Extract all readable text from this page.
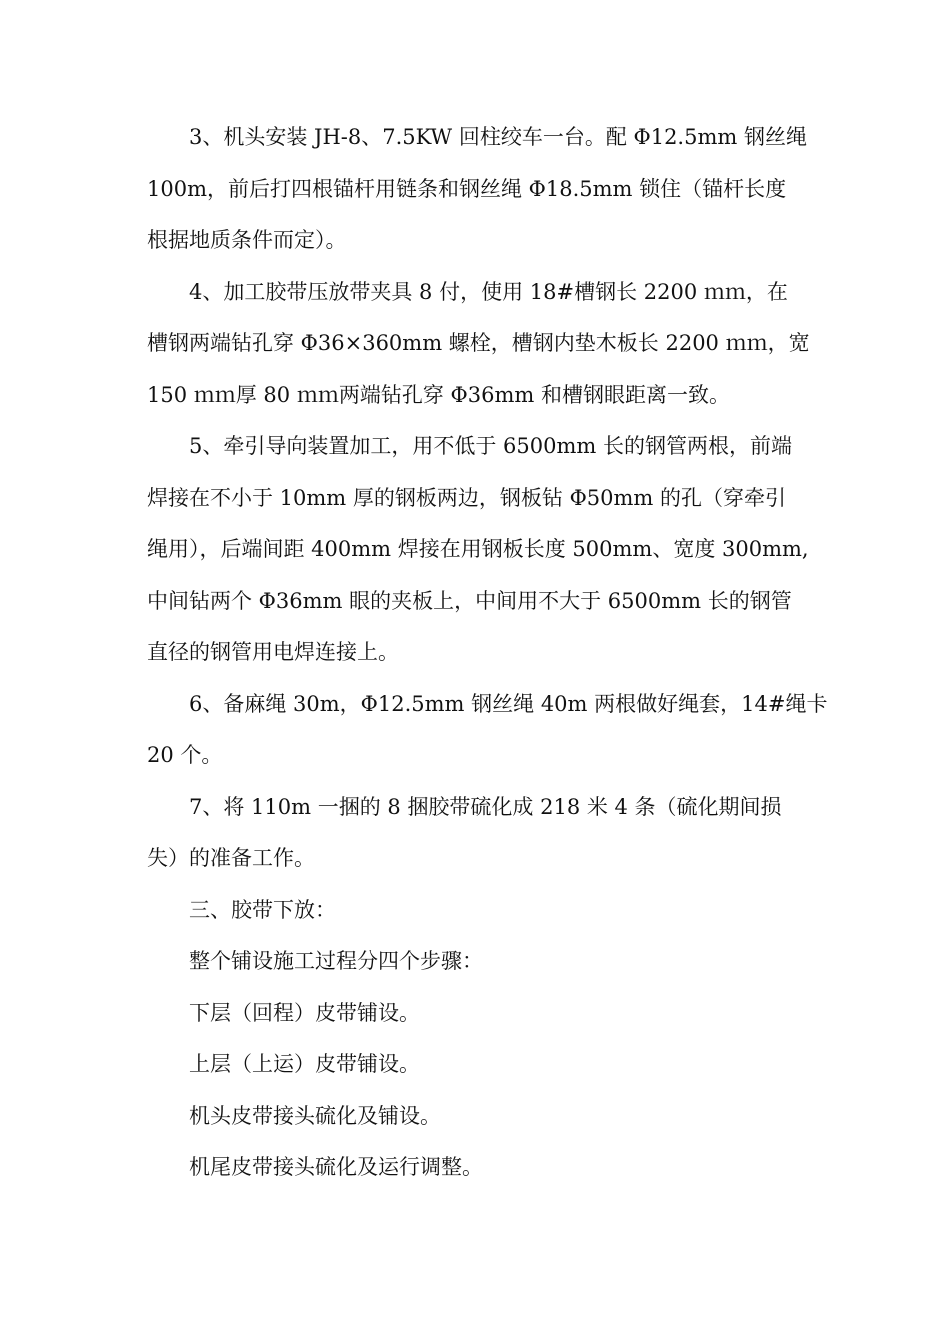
3、机头安装 JH-8、7.5KW 回柱绞车一台。配 Φ12.5mm 钢丝绳
100m，前后打四根锚杆用链条和钢丝绳 Φ18.5mm 锁住（锚杆长度
根据地质条件而定）。
4、加工胶带压放带夹具 8 付，使用 18#槽钢长 2200 ｍｍ，在
槽钢两端钻孔穿 Φ36×360mm 螺栓，槽钢内垫木板长 2200 ｍｍ，宽
150 ｍｍ厚 80 ｍｍ两端钻孔穿 Φ36mm 和槽钢眼距离一致。
5、牵引导向装置加工，用不低于 6500mm 长的钢管两根，前端
焊接在不小于 10mm 厚的钢板两边，钢板钻 Φ50mm 的孔（穿牵引
绳用），后端间距 400mm 焊接在用钢板长度 500mm、宽度 300mm,
中间钻两个 Φ36mm 眼的夹板上，中间用不大于 6500mm 长的钢管
直径的钢管用电焊连接上。
6、备麻绳 30m，Φ12.5mm 钢丝绳 40m 两根做好绳套，14#绳卡
20 个。
7、将 110m 一捆的 8 捆胶带硫化成 218 米 4 条（硫化期间损
失）的准备工作。
三、胶带下放：
整个铺设施工过程分四个步骤：
下层（回程）皮带铺设。
上层（上运）皮带铺设。
机头皮带接头硫化及铺设。
机尾皮带接头硫化及运行调整。
